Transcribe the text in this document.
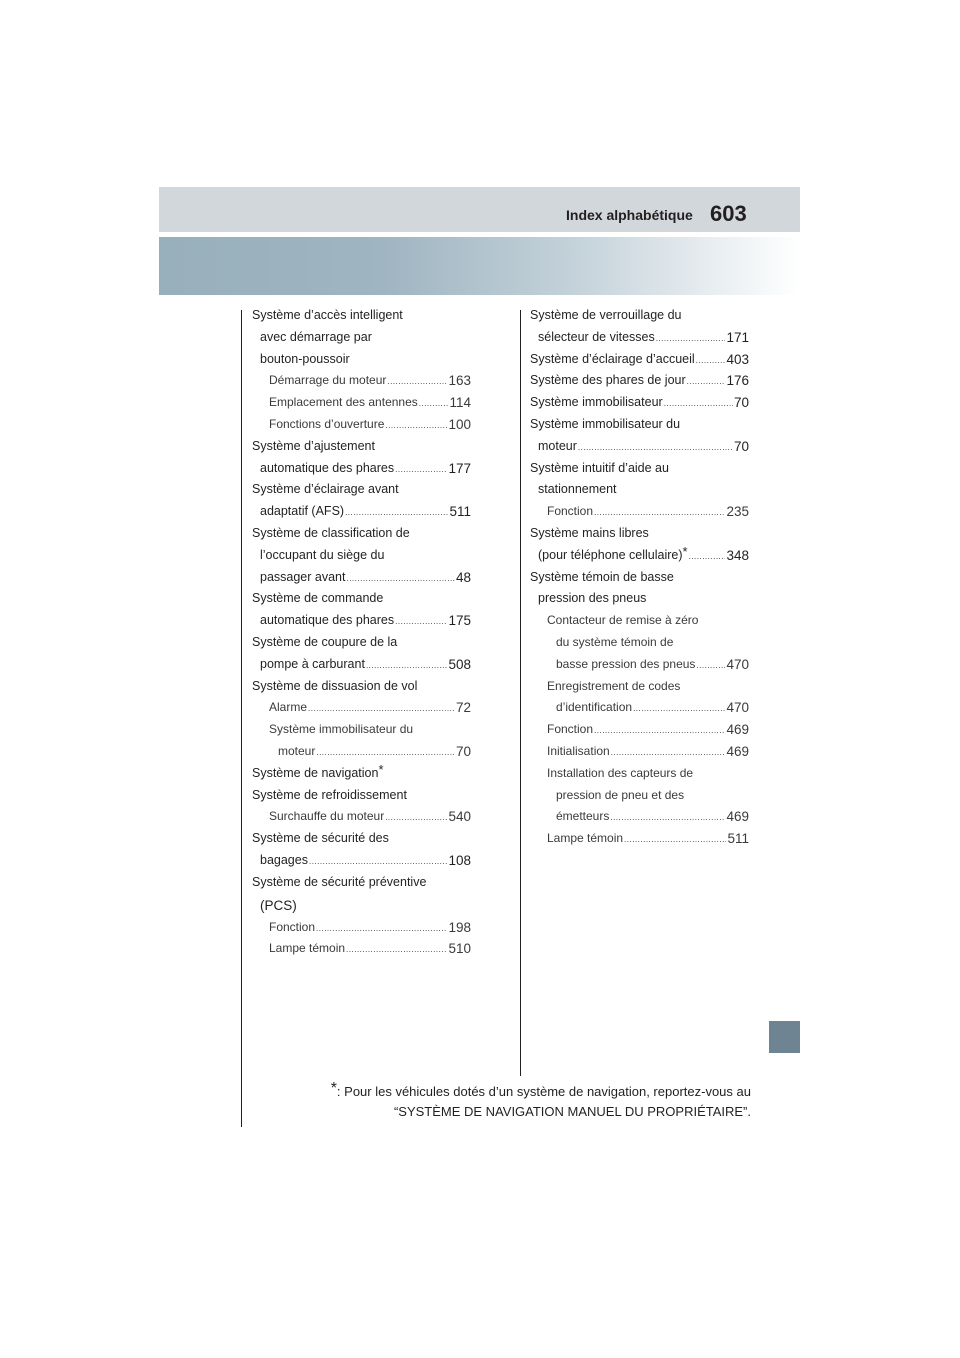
Index alphabétique 603
Système d’accès intelligent
avec démarrage par
bouton-poussoir
Démarrage du moteur .....	163
Emplacement des antennes ..... 114
Fonctions d’ouverture .....	100
Système d’ajustement
automatique des phares .....	177
Système d’éclairage avant
adaptatif (AFS) .....	511
Système de classification de
l’occupant du siège du
passager avant .....	48
Système de commande
automatique des phares .....	175
Système de coupure de la
pompe à carburant .....	508
Système de dissuasion de vol
Alarme .....	72
Système immobilisateur du
moteur .....	70
Système de navigation*
Système de refroidissement
Surchauffe du moteur .....	540
Système de sécurité des
bagages .....	108
Système de sécurité préventive
(PCS)
Fonction .....	198
Lampe témoin .....	510
Système de verrouillage du
sélecteur de vitesses .....	171
Système d’éclairage d’accueil ..... 403
Système des phares de jour .....	176
Système immobilisateur .....	70
Système immobilisateur du
moteur .....	70
Système intuitif d’aide au
stationnement
Fonction .....	235
Système mains libres
(pour téléphone cellulaire) * .....	348
Système témoin de basse
pression des pneus
Contacteur de remise à zéro
du système témoin de
basse pression des pneus ..... 470
Enregistrement de codes
d’identification .....	470
Fonction .....	469
Initialisation .....	469
Installation des capteurs de
pression de pneu et des
émetteurs .....	469
Lampe témoin .....	511
*: Pour les véhicules dotés d’un système de navigation, reportez-vous au
“SYSTÈME DE NAVIGATION MANUEL DU PROPRIÉTAIRE”.
